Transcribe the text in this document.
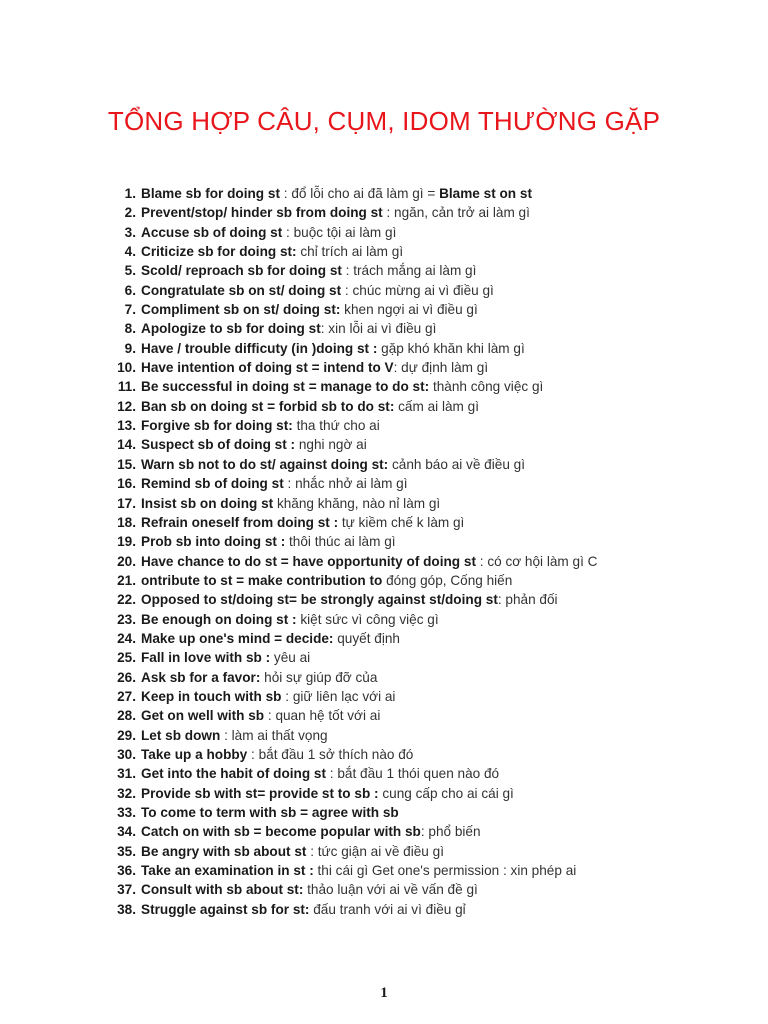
TỔNG HỢP CÂU, CỤM, IDOM THƯỜNG GẶP
1. Blame sb for doing st : đổ lỗi cho ai đã làm gì = Blame st on st
2. Prevent/stop/ hinder sb from doing st : ngăn, cản trở ai làm gì
3. Accuse sb of doing st : buộc tội ai làm gì
4. Criticize sb for doing st: chỉ trích ai làm gì
5. Scold/ reproach sb for doing st : trách mắng ai làm gì
6. Congratulate sb on st/ doing st : chúc mừng ai vì điều gì
7. Compliment sb on st/ doing st: khen ngợi ai vì điều gì
8. Apologize to sb for doing st: xin lỗi ai vì điều gì
9. Have / trouble difficuty (in )doing st : gặp khó khăn khi làm gì
10. Have intention of doing st = intend to V: dự định làm gì
11. Be successful in doing st = manage to do st: thành công việc gì
12. Ban sb on doing st = forbid sb to do st: cấm ai làm gì
13. Forgive sb for doing st: tha thứ cho ai
14. Suspect sb of doing st : nghi ngờ ai
15. Warn sb not to do st/ against doing st: cảnh báo ai về điều gì
16. Remind sb of doing st : nhắc nhở ai làm gì
17. Insist sb on doing st khăng khăng, nào nỉ làm gì
18. Refrain oneself from doing st : tự kiềm chế k làm gì
19. Prob sb into doing st : thôi thúc ai làm gì
20. Have chance to do st = have opportunity of doing st : có cơ hội làm gì C
21. ontribute to st = make contribution to đóng góp, Cống hiến
22. Opposed to st/doing st= be strongly against st/doing st: phản đối
23. Be enough on doing st : kiệt sức vì công việc gì
24. Make up one's mind = decide: quyết định
25. Fall in love with sb : yêu ai
26. Ask sb for a favor: hỏi sự giúp đỡ của
27. Keep in touch with sb : giữ liên lạc với ai
28. Get on well with sb : quan hệ tốt với ai
29. Let sb down : làm ai thất vọng
30. Take up a hobby : bắt đầu 1 sở thích nào đó
31. Get into the habit of doing st : bắt đầu 1 thói quen nào đó
32. Provide sb with st= provide st to sb : cung cấp cho ai cái gì
33. To come to term with sb = agree with sb
34. Catch on with sb = become popular with sb: phổ biến
35. Be angry with sb about st : tức giận ai về điều gì
36. Take an examination in st : thi cái gì Get one's permission : xin phép ai
37. Consult with sb about st: thảo luận với ai về vấn đề gì
38. Struggle against sb for st: đấu tranh với ai vì điều gỉ
1
